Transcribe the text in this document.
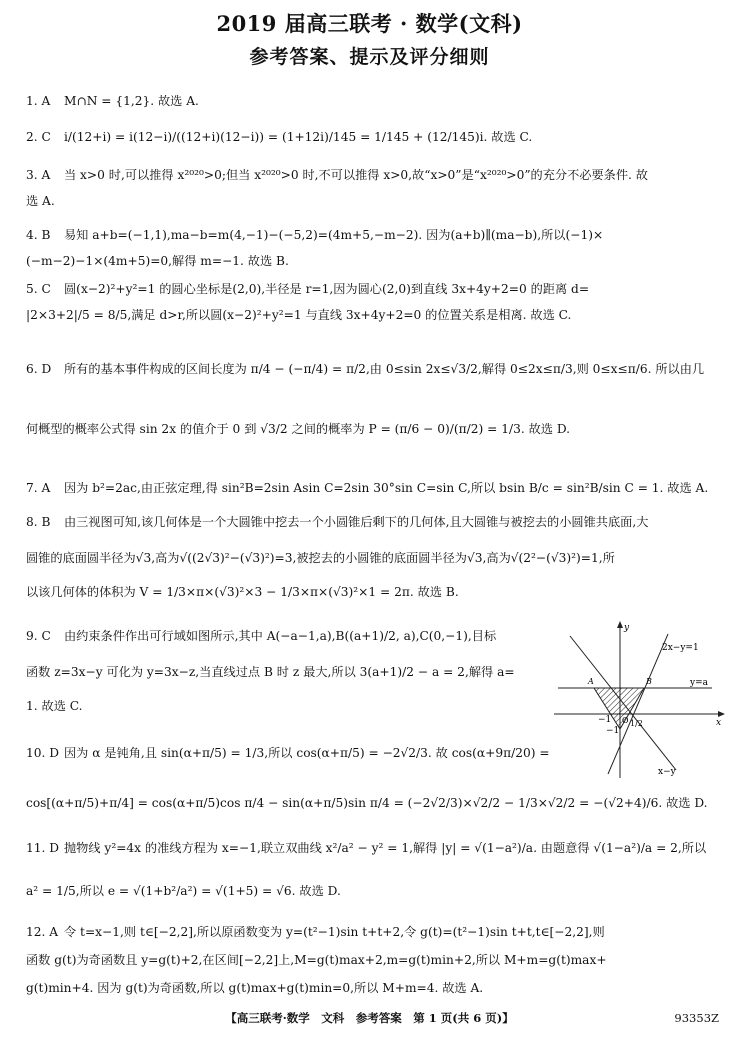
2019 届高三联考 · 数学(文科)
参考答案、提示及评分细则
1. A	M∩N = {1,2}. 故选 A.
2. C	i/(12+i) = i(12−i)/((12+i)(12−i)) = (1+12i)/145 = 1/145 + (12/145)i. 故选 C.
3. A	当 x>0 时,可以推得 x²⁰²⁰>0;但当 x²⁰²⁰>0 时,不可以推得 x>0,故“x>0”是“x²⁰²⁰>0”的充分不必要条件. 故
选 A.
4. B	易知 a+b=(−1,1),ma−b=m(4,−1)−(−5,2)=(4m+5,−m−2). 因为(a+b)∥(ma−b),所以(−1)×
(−m−2)−1×(4m+5)=0,解得 m=−1. 故选 B.
5. C	圆(x−2)²+y²=1 的圆心坐标是(2,0),半径是 r=1,因为圆心(2,0)到直线 3x+4y+2=0 的距离 d=
|2×3+2|/5 = 8/5,满足 d>r,所以圆(x−2)²+y²=1 与直线 3x+4y+2=0 的位置关系是相离. 故选 C.
6. D	所有的基本事件构成的区间长度为 π/4 − (−π/4) = π/2,由 0≤sin 2x≤√3/2,解得 0≤2x≤π/3,则 0≤x≤π/6. 所以由几
何概型的概率公式得 sin 2x 的值介于 0 到 √3/2 之间的概率为 P = (π/6 − 0)/(π/2) = 1/3. 故选 D.
7. A	因为 b²=2ac,由正弦定理,得 sin²B=2sin Asin C=2sin 30°sin C=sin C,所以 bsin B/c = sin²B/sin C = 1. 故选 A.
8. B	由三视图可知,该几何体是一个大圆锥中挖去一个小圆锥后剩下的几何体,且大圆锥与被挖去的小圆锥共底面,大
圆锥的底面圆半径为√3,高为√((2√3)²−(√3)²)=3,被挖去的小圆锥的底面圆半径为√3,高为√(2²−(√3)²)=1,所
以该几何体的体积为 V = 1/3×π×(√3)²×3 − 1/3×π×(√3)²×1 = 2π. 故选 B.
9. C	由约束条件作出可行域如图所示,其中 A(−a−1,a),B((a+1)/2, a),C(0,−1),目标
函数 z=3x−y 可化为 y=3x−z,当直线过点 B 时 z 最大,所以 3(a+1)/2 − a = 2,解得 a=
1. 故选 C.
10. D 因为 α 是钝角,且 sin(α+π/5) = 1/3,所以 cos(α+π/5) = −2√2/3. 故 cos(α+9π/20) =
cos[(α+π/5)+π/4] = cos(α+π/5)cos π/4 − sin(α+π/5)sin π/4 = (−2√2/3)×√2/2 − 1/3×√2/2 = −(√2+4)/6. 故选 D.
11. D 抛物线 y²=4x 的准线方程为 x=−1,联立双曲线 x²/a² − y² = 1,解得 |y| = √(1−a²)/a. 由题意得 √(1−a²)/a = 2,所以
a² = 1/5,所以 e = √(1+b²/a²) = √(1+5) = √6. 故选 D.
12. A 令 t=x−1,则 t∈[−2,2],所以原函数变为 y=(t²−1)sin t+t+2,令 g(t)=(t²−1)sin t+t,t∈[−2,2],则
函数 g(t)为奇函数且 y=g(t)+2,在区间[−2,2]上,M=g(t)max+2,m=g(t)min+2,所以 M+m=g(t)max+
g(t)min+4. 因为 g(t)为奇函数,所以 g(t)max+g(t)min=0,所以 M+m=4. 故选 A.
y
x
O
2x−y=1
y=a
A	B
−1 1/2
−1
x−y
【高三联考·数学　文科　参考答案　第 1 页(共 6 页)】	93353Z
